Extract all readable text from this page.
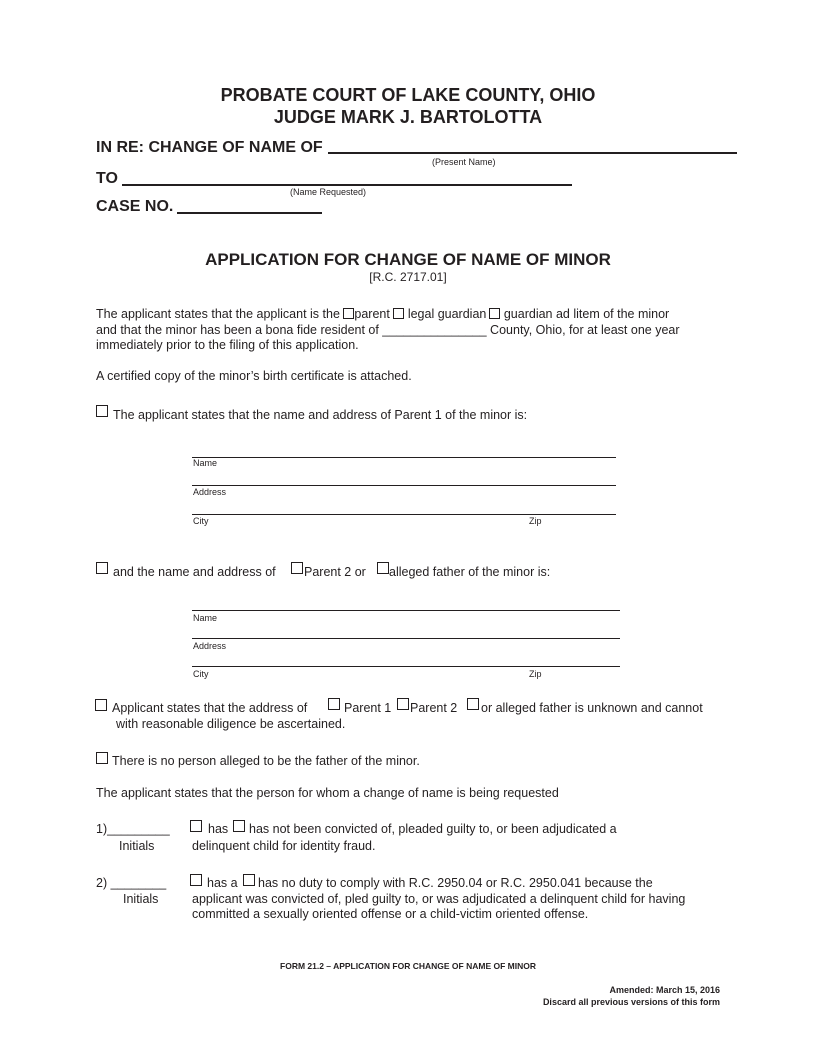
PROBATE COURT OF LAKE COUNTY, OHIO
JUDGE MARK J. BARTOLOTTA
IN RE: CHANGE OF NAME OF
(Present Name)
TO
(Name Requested)
CASE NO.
APPLICATION FOR CHANGE OF NAME OF MINOR
[R.C. 2717.01]
The applicant states that the applicant is the parent legal guardian guardian ad litem of the minor
and that the minor has been a bona fide resident of _______________ County, Ohio, for at least one year
immediately prior to the filing of this application.
A certified copy of the minor’s birth certificate is attached.
The applicant states that the name and address of Parent 1 of the minor is:
Name
Address
City	Zip
and the name and address of Parent 2 or alleged father of the minor is:
Name
Address
City	Zip
Applicant states that the address of	Parent 1 Parent 2 or alleged father is unknown and cannot
with reasonable diligence be ascertained.
There is no person alleged to be the father of the minor.
The applicant states that the person for whom a change of name is being requested
1)_________
Initials
has has not been convicted of, pleaded guilty to, or been adjudicated a
delinquent child for identity fraud.
2) ________
Initials
has a has no duty to comply with R.C. 2950.04 or R.C. 2950.041 because the
applicant was convicted of, pled guilty to, or was adjudicated a delinquent child for having
committed a sexually oriented offense or a child-victim oriented offense.
FORM 21.2 – APPLICATION FOR CHANGE OF NAME OF MINOR
Amended: March 15, 2016
Discard all previous versions of this form
